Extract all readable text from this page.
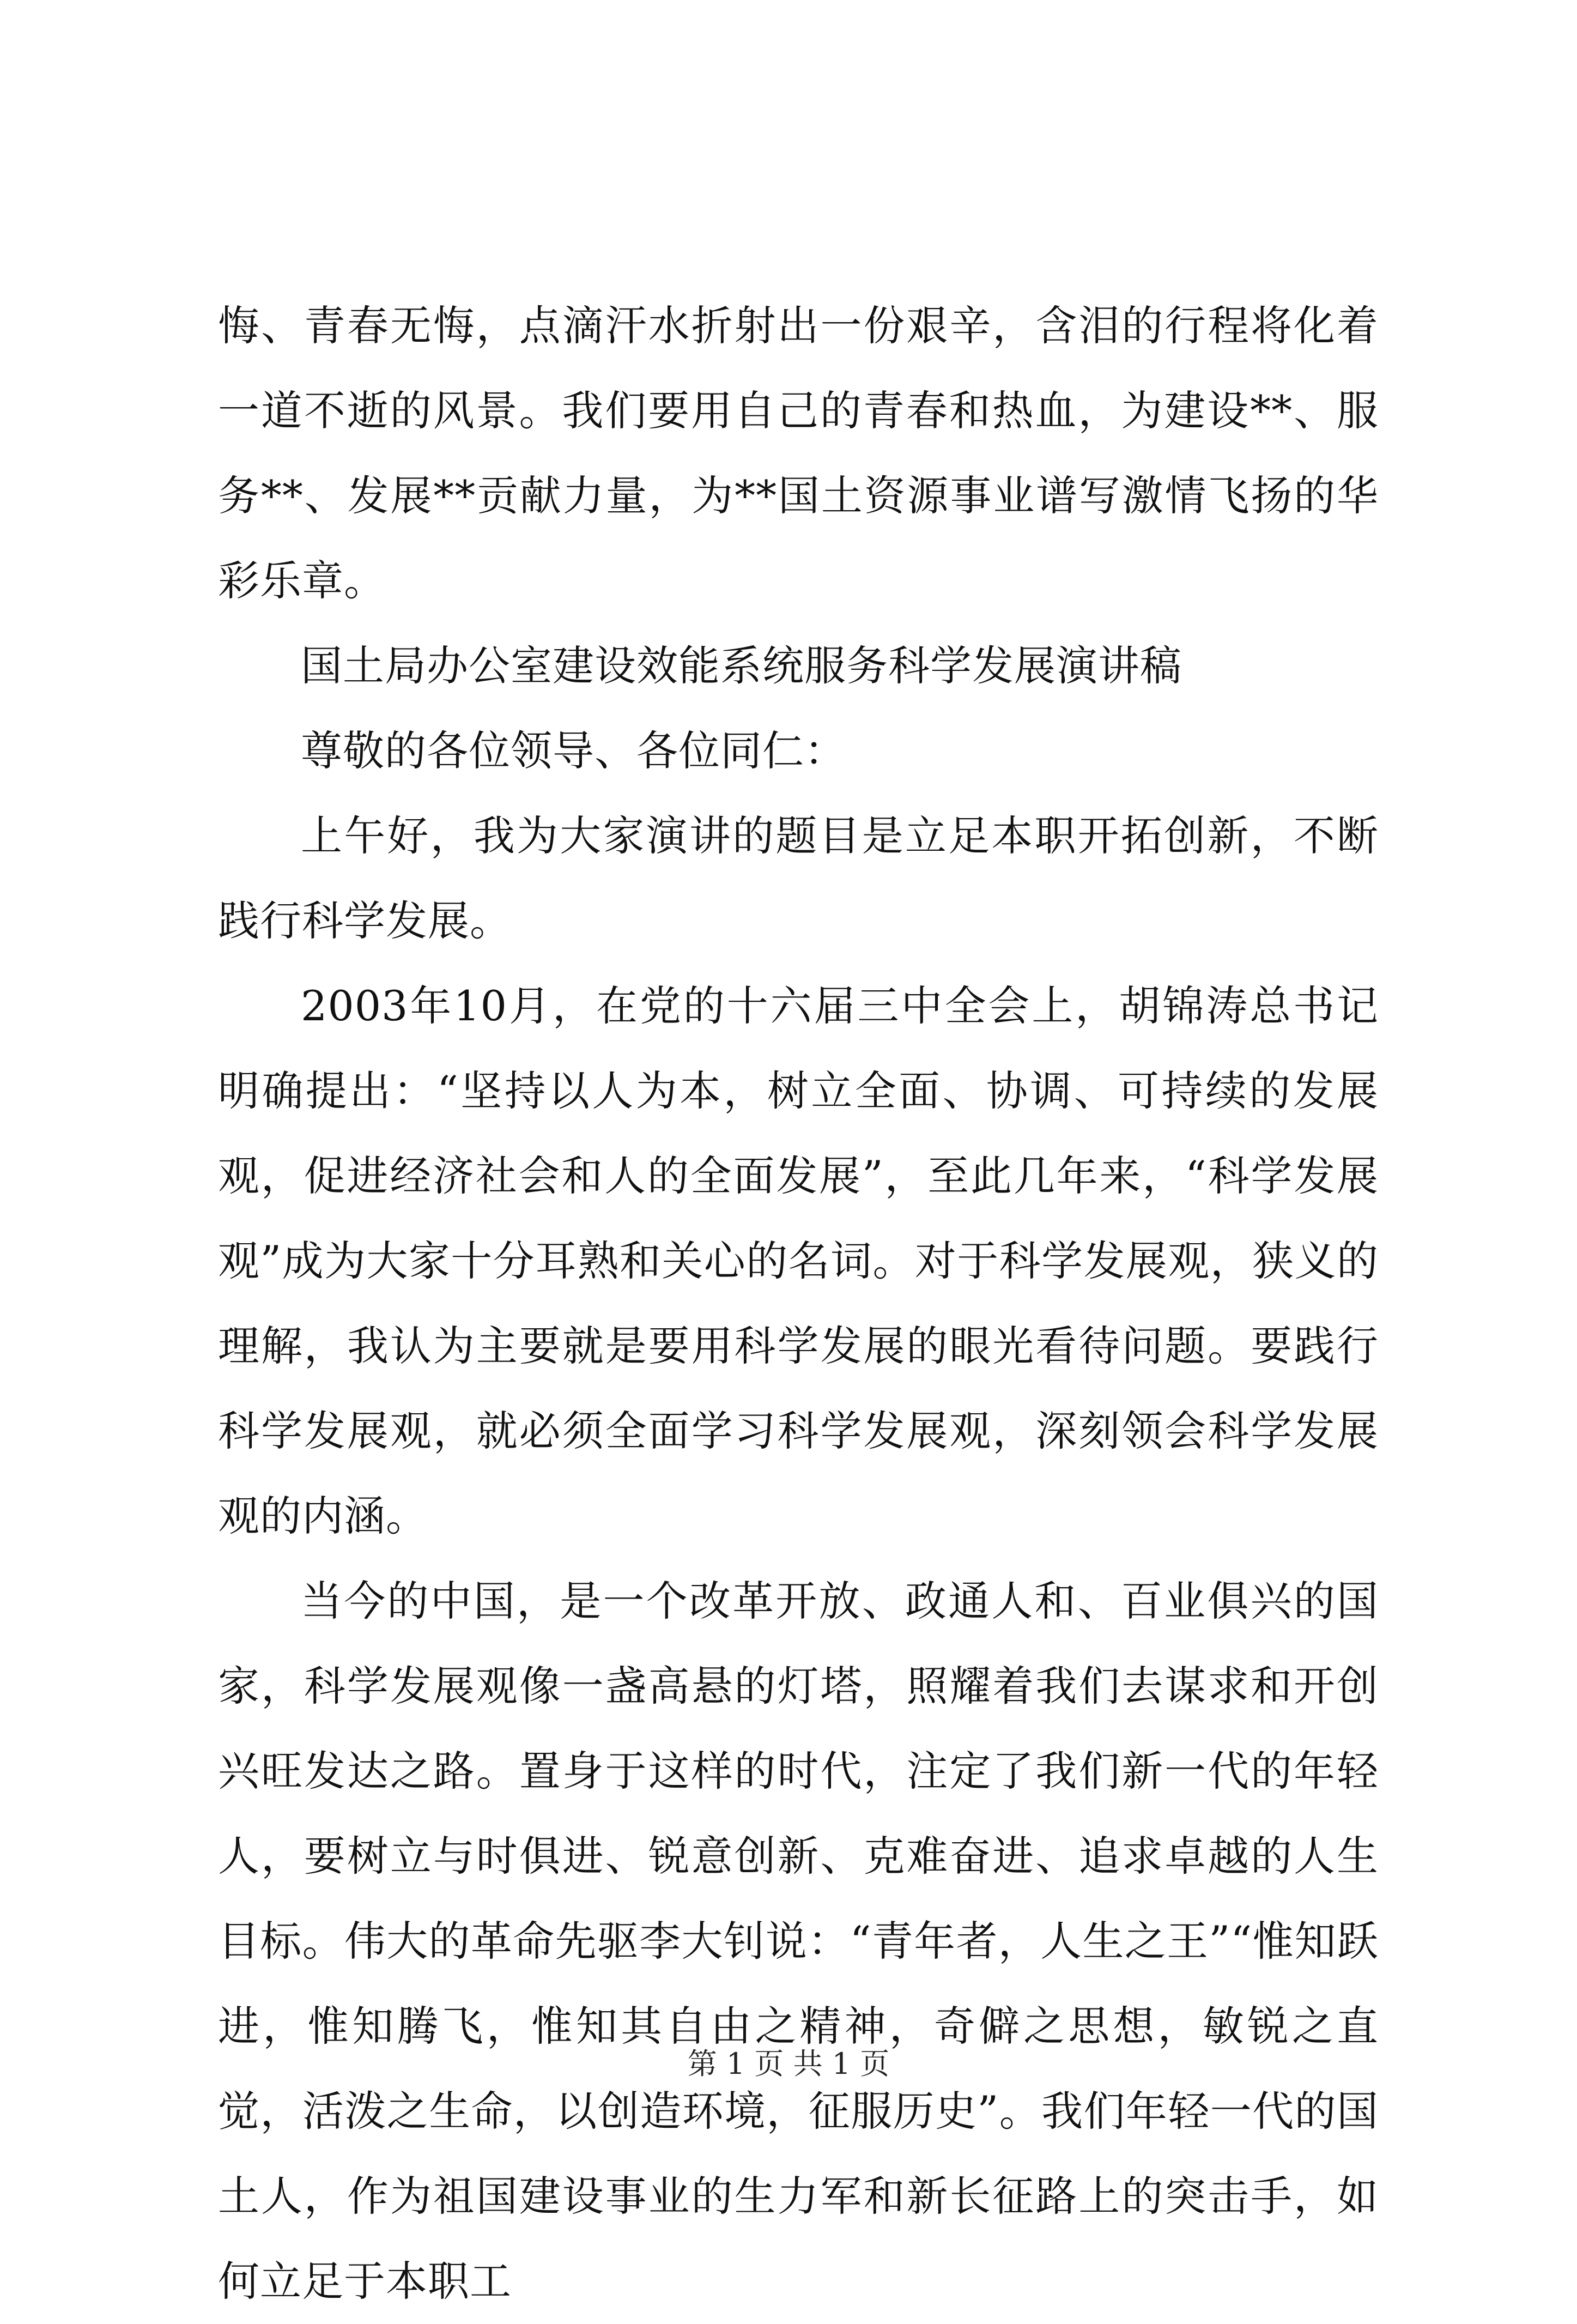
悔、青春无悔，点滴汗水折射出一份艰辛，含泪的行程将化着一道不逝的风景。我们要用自己的青春和热血，为建设**、服务**、发展**贡献力量，为**国土资源事业谱写激情飞扬的华彩乐章。

国土局办公室建设效能系统服务科学发展演讲稿

尊敬的各位领导、各位同仁：

上午好，我为大家演讲的题目是立足本职开拓创新，不断践行科学发展。

2003年10月，在党的十六届三中全会上，胡锦涛总书记明确提出：“坚持以人为本，树立全面、协调、可持续的发展观，促进经济社会和人的全面发展”，至此几年来，“科学发展观”成为大家十分耳熟和关心的名词。对于科学发展观，狭义的理解，我认为主要就是要用科学发展的眼光看待问题。要践行科学发展观，就必须全面学习科学发展观，深刻领会科学发展观的内涵。

当今的中国，是一个改革开放、政通人和、百业俱兴的国家，科学发展观像一盏高悬的灯塔，照耀着我们去谋求和开创兴旺发达之路。置身于这样的时代，注定了我们新一代的年轻人，要树立与时俱进、锐意创新、克难奋进、追求卓越的人生目标。伟大的革命先驱李大钊说：“青年者，人生之王”“惟知跃进，惟知腾飞，惟知其自由之精神，奇僻之思想，敏锐之直觉，活泼之生命，以创造环境，征服历史”。我们年轻一代的国土人，作为祖国建设事业的生力军和新长征路上的突击手，如何立足于本职工

第 1 页 共 1 页
